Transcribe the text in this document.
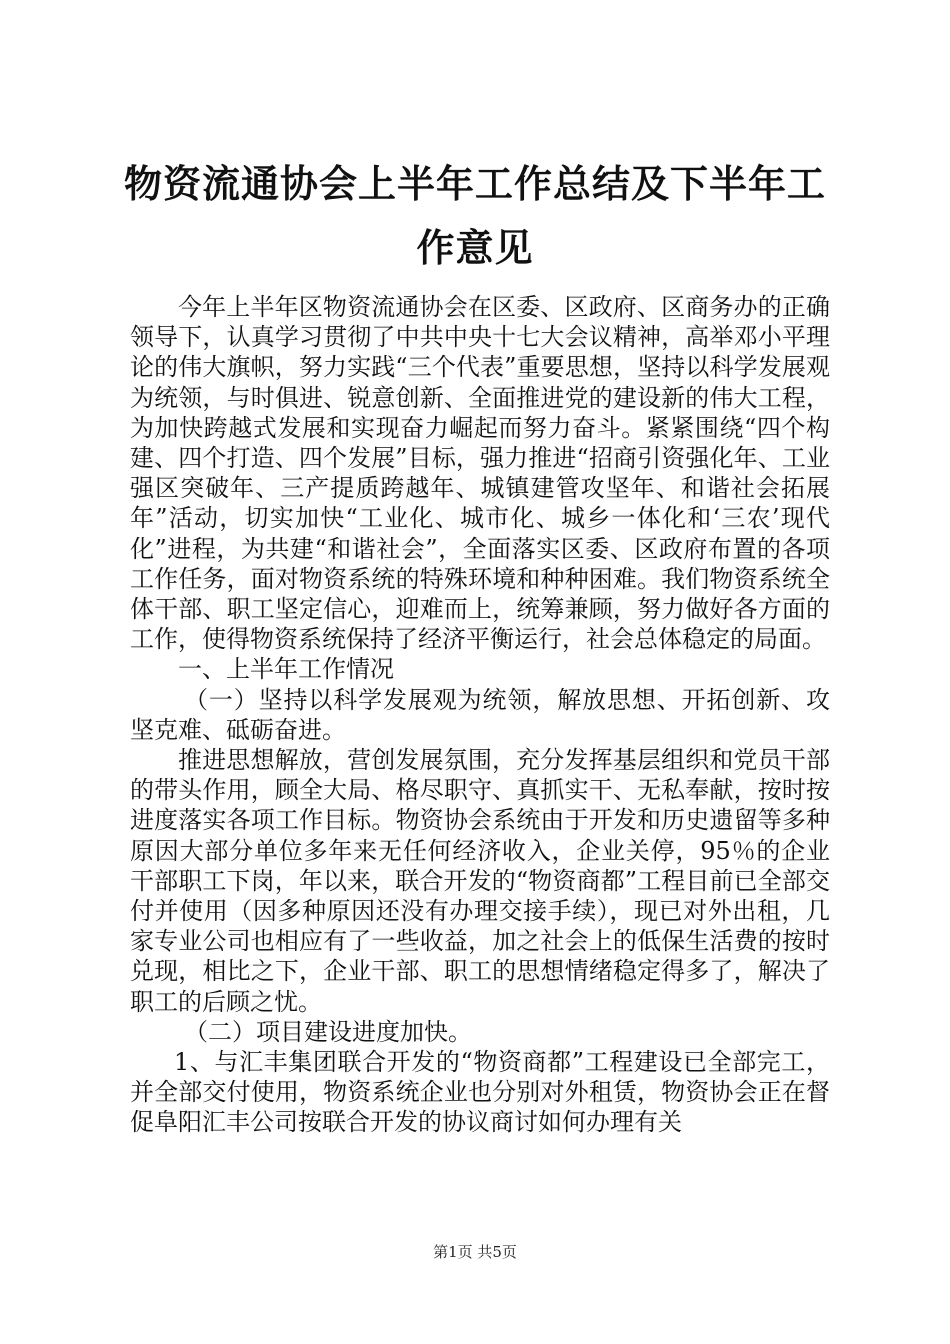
物资流通协会上半年工作总结及下半年工作意见

今年上半年区物资流通协会在区委、区政府、区商务办的正确领导下，认真学习贯彻了中共中央十七大会议精神，高举邓小平理论的伟大旗帜，努力实践“三个代表”重要思想，坚持以科学发展观为统领，与时俱进、锐意创新、全面推进党的建设新的伟大工程，为加快跨越式发展和实现奋力崛起而努力奋斗。紧紧围绕“四个构建、四个打造、四个发展”目标，强力推进“招商引资强化年、工业强区突破年、三产提质跨越年、城镇建管攻坚年、和谐社会拓展年”活动，切实加快“工业化、城市化、城乡一体化和‘三农’现代化”进程，为共建“和谐社会”，全面落实区委、区政府布置的各项工作任务，面对物资系统的特殊环境和种种困难。我们物资系统全体干部、职工坚定信心，迎难而上，统筹兼顾，努力做好各方面的工作，使得物资系统保持了经济平衡运行，社会总体稳定的局面。

一、上半年工作情况

（一）坚持以科学发展观为统领，解放思想、开拓创新、攻坚克难、砥砺奋进。

推进思想解放，营创发展氛围，充分发挥基层组织和党员干部的带头作用，顾全大局、格尽职守、真抓实干、无私奉献，按时按进度落实各项工作目标。物资协会系统由于开发和历史遗留等多种原因大部分单位多年来无任何经济收入，企业关停，95％的企业干部职工下岗，年以来，联合开发的“物资商都”工程目前已全部交付并使用（因多种原因还没有办理交接手续），现已对外出租，几家专业公司也相应有了一些收益，加之社会上的低保生活费的按时兑现，相比之下，企业干部、职工的思想情绪稳定得多了，解决了职工的后顾之忧。

（二）项目建设进度加快。

1、与汇丰集团联合开发的“物资商都”工程建设已全部完工，并全部交付使用，物资系统企业也分别对外租赁，物资协会正在督促阜阳汇丰公司按联合开发的协议商讨如何办理有关

第1页 共5页
